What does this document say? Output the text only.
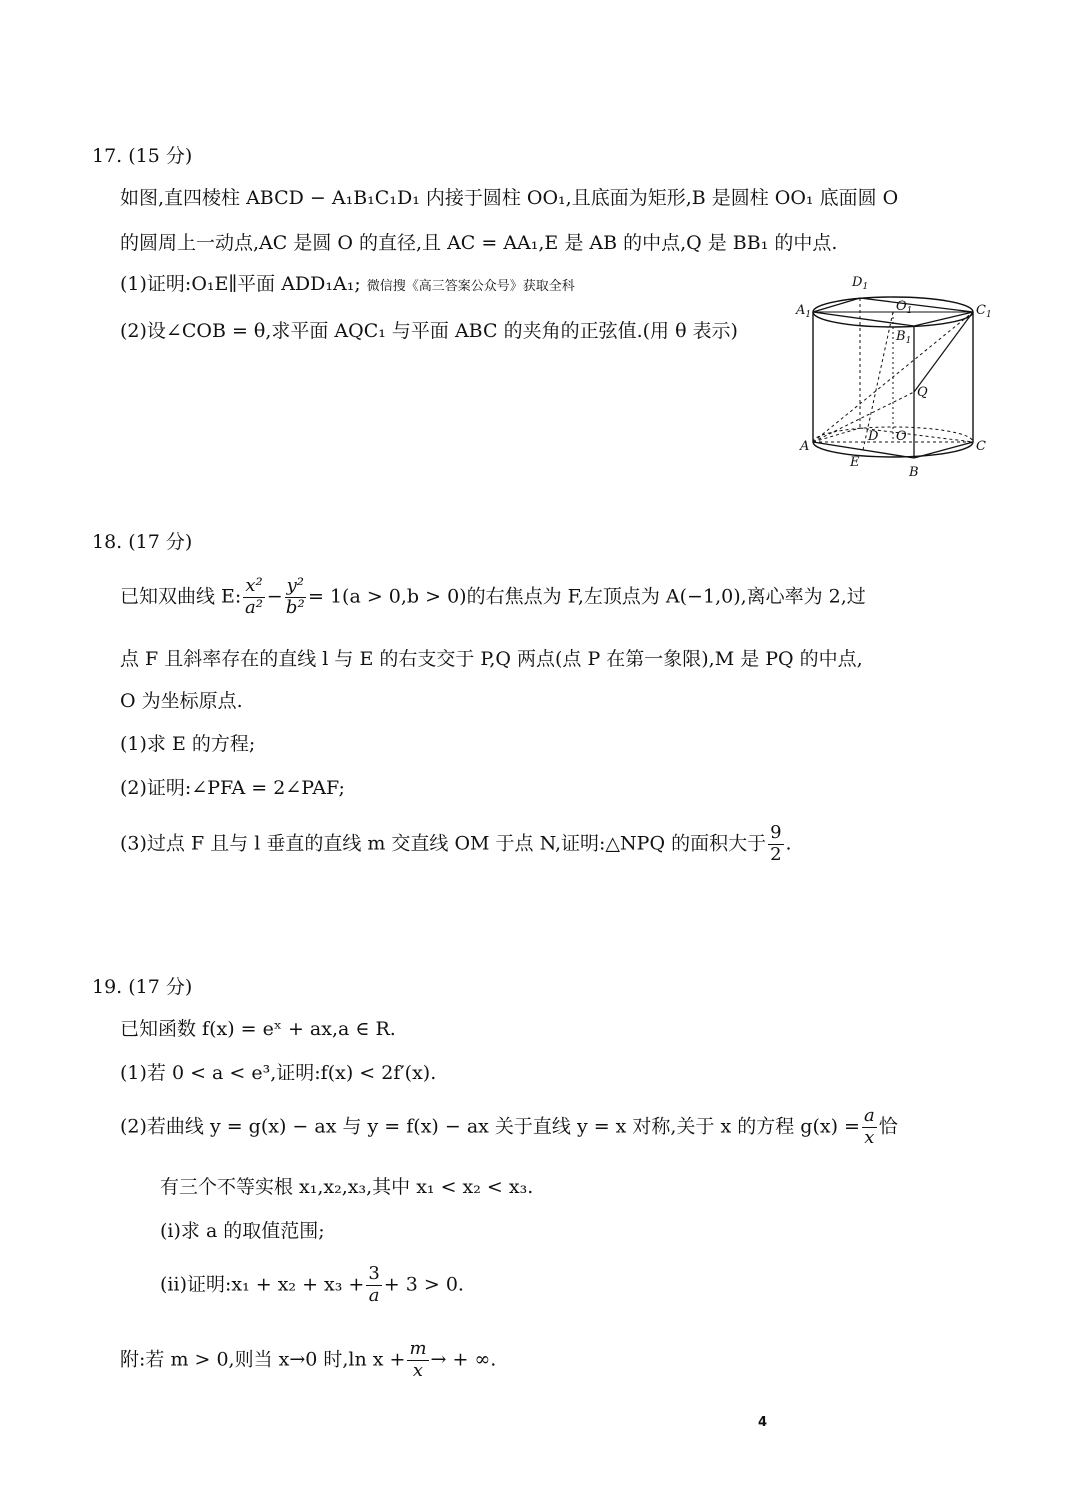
17. (15 分)
如图,直四棱柱 ABCD − A₁B₁C₁D₁ 内接于圆柱 OO₁,且底面为矩形,B 是圆柱 OO₁ 底面圆 O
的圆周上一动点,AC 是圆 O 的直径,且 AC = AA₁,E 是 AB 的中点,Q 是 BB₁ 的中点.
(1)证明:O₁E∥平面 ADD₁A₁; 微信搜《高三答案公众号》获取全科
(2)设∠COB = θ,求平面 AQC₁ 与平面 ABC 的夹角的正弦值.(用 θ 表示)
$D_1$
$A_1$
$O_1$	$C_1$
$B_1$
Q
A
D O
C
E
B
18. (17 分)
已知双曲线 E: $\frac{\text{x²}}{\text{a²}} - \frac{\text{y²}}{\text{b²}} = 1(a > 0,b > 0)$的右焦点为 F,左顶点为 A(−1,0),离心率为 2,过
点 F 且斜率存在的直线 l 与 E 的右支交于 P,Q 两点(点 P 在第一象限),M 是 PQ 的中点,
O 为坐标原点.
(1)求 E 的方程;
(2)证明:∠PFA = 2∠PAF;
(3)过点 F 且与 l 垂直的直线 m 交直线 OM 于点 N,证明:△NPQ 的面积大于 $\frac{9}{2}$ .
19. (17 分)
已知函数 f(x) = eˣ + ax,a ∈ R.
(1)若 0 < a < e³,证明:f(x) < 2f′(x).
(2)若曲线 y = g(x) − ax 与 y = f(x) − ax 关于直线 y = x 对称,关于 x 的方程 $g(x) = \frac{a}{x}$ 恰
有三个不等实根 x₁,x₂,x₃,其中 x₁ < x₂ < x₃.
(ⅰ)求 a 的取值范围;
(ⅱ)证明:x₁ + $x_2 + x_3 + \frac{3}{a} + 3 > 0$.
附:若 m > 0,则当 x→0 时,ln $x + \frac{m}{x}$ → + ∞.
4
